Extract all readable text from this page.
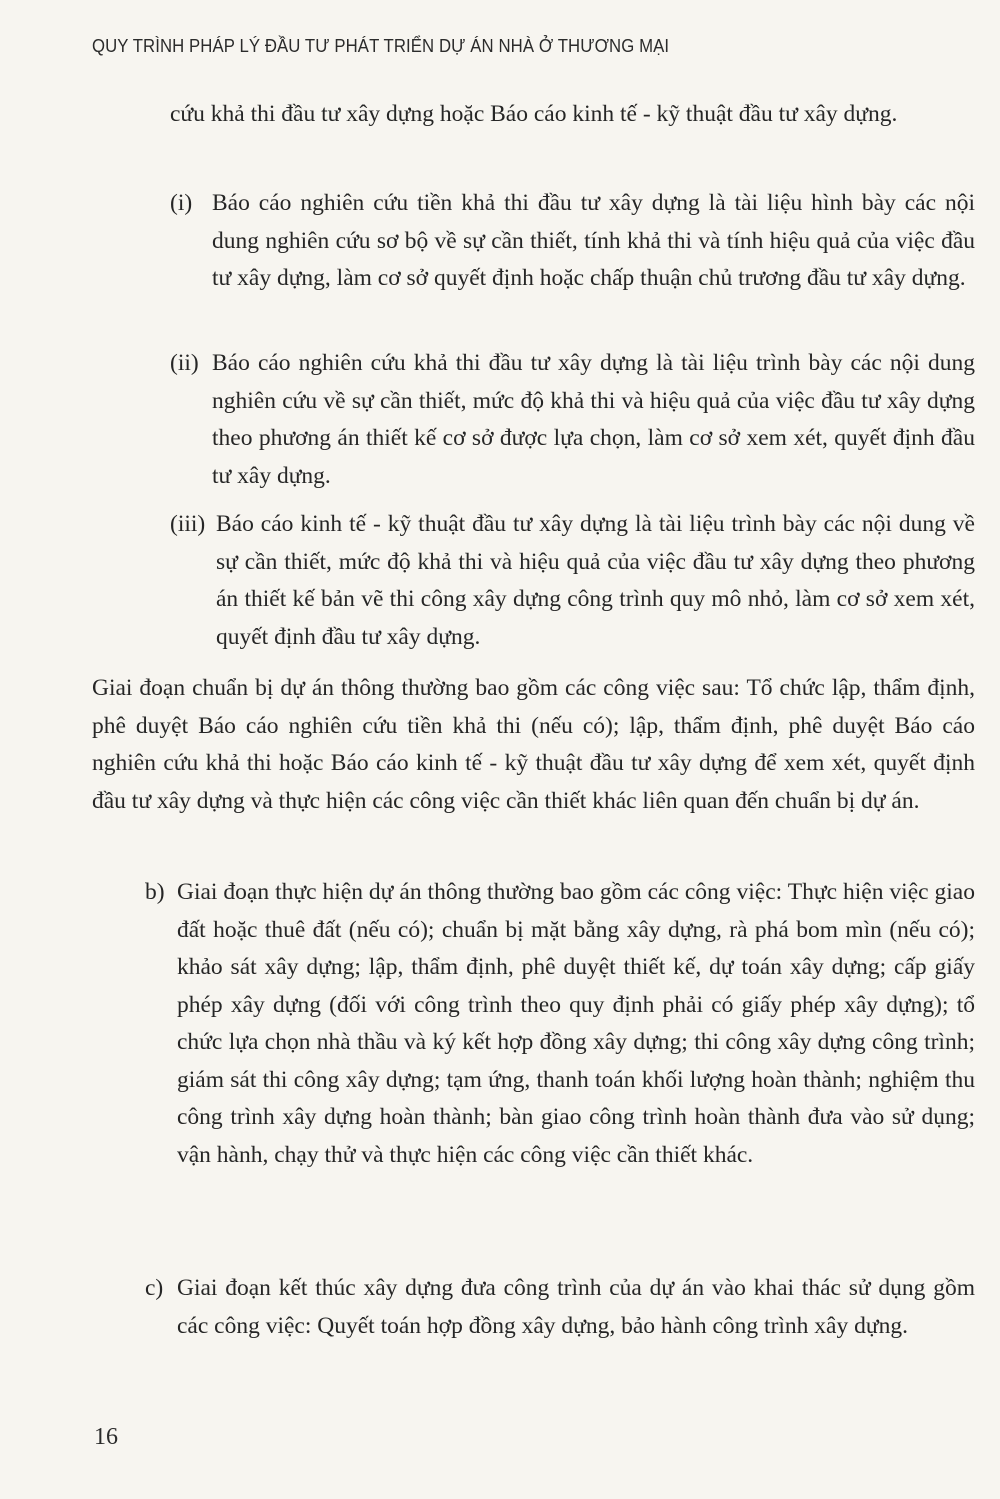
QUY TRÌNH PHÁP LÝ ĐẦU TƯ PHÁT TRIỂN DỰ ÁN NHÀ Ở THƯƠNG MẠI
cứu khả thi đầu tư xây dựng hoặc Báo cáo kinh tế - kỹ thuật đầu tư xây dựng.
(i) Báo cáo nghiên cứu tiền khả thi đầu tư xây dựng là tài liệu hình bày các nội dung nghiên cứu sơ bộ về sự cần thiết, tính khả thi và tính hiệu quả của việc đầu tư xây dựng, làm cơ sở quyết định hoặc chấp thuận chủ trương đầu tư xây dựng.
(ii) Báo cáo nghiên cứu khả thi đầu tư xây dựng là tài liệu trình bày các nội dung nghiên cứu về sự cần thiết, mức độ khả thi và hiệu quả của việc đầu tư xây dựng theo phương án thiết kế cơ sở được lựa chọn, làm cơ sở xem xét, quyết định đầu tư xây dựng.
(iii) Báo cáo kinh tế - kỹ thuật đầu tư xây dựng là tài liệu trình bày các nội dung về sự cần thiết, mức độ khả thi và hiệu quả của việc đầu tư xây dựng theo phương án thiết kế bản vẽ thi công xây dựng công trình quy mô nhỏ, làm cơ sở xem xét, quyết định đầu tư xây dựng.
Giai đoạn chuẩn bị dự án thông thường bao gồm các công việc sau: Tổ chức lập, thẩm định, phê duyệt Báo cáo nghiên cứu tiền khả thi (nếu có); lập, thẩm định, phê duyệt Báo cáo nghiên cứu khả thi hoặc Báo cáo kinh tế - kỹ thuật đầu tư xây dựng để xem xét, quyết định đầu tư xây dựng và thực hiện các công việc cần thiết khác liên quan đến chuẩn bị dự án.
b) Giai đoạn thực hiện dự án thông thường bao gồm các công việc: Thực hiện việc giao đất hoặc thuê đất (nếu có); chuẩn bị mặt bằng xây dựng, rà phá bom mìn (nếu có); khảo sát xây dựng; lập, thẩm định, phê duyệt thiết kế, dự toán xây dựng; cấp giấy phép xây dựng (đối với công trình theo quy định phải có giấy phép xây dựng); tổ chức lựa chọn nhà thầu và ký kết hợp đồng xây dựng; thi công xây dựng công trình; giám sát thi công xây dựng; tạm ứng, thanh toán khối lượng hoàn thành; nghiệm thu công trình xây dựng hoàn thành; bàn giao công trình hoàn thành đưa vào sử dụng; vận hành, chạy thử và thực hiện các công việc cần thiết khác.
c) Giai đoạn kết thúc xây dựng đưa công trình của dự án vào khai thác sử dụng gồm các công việc: Quyết toán hợp đồng xây dựng, bảo hành công trình xây dựng.
16
